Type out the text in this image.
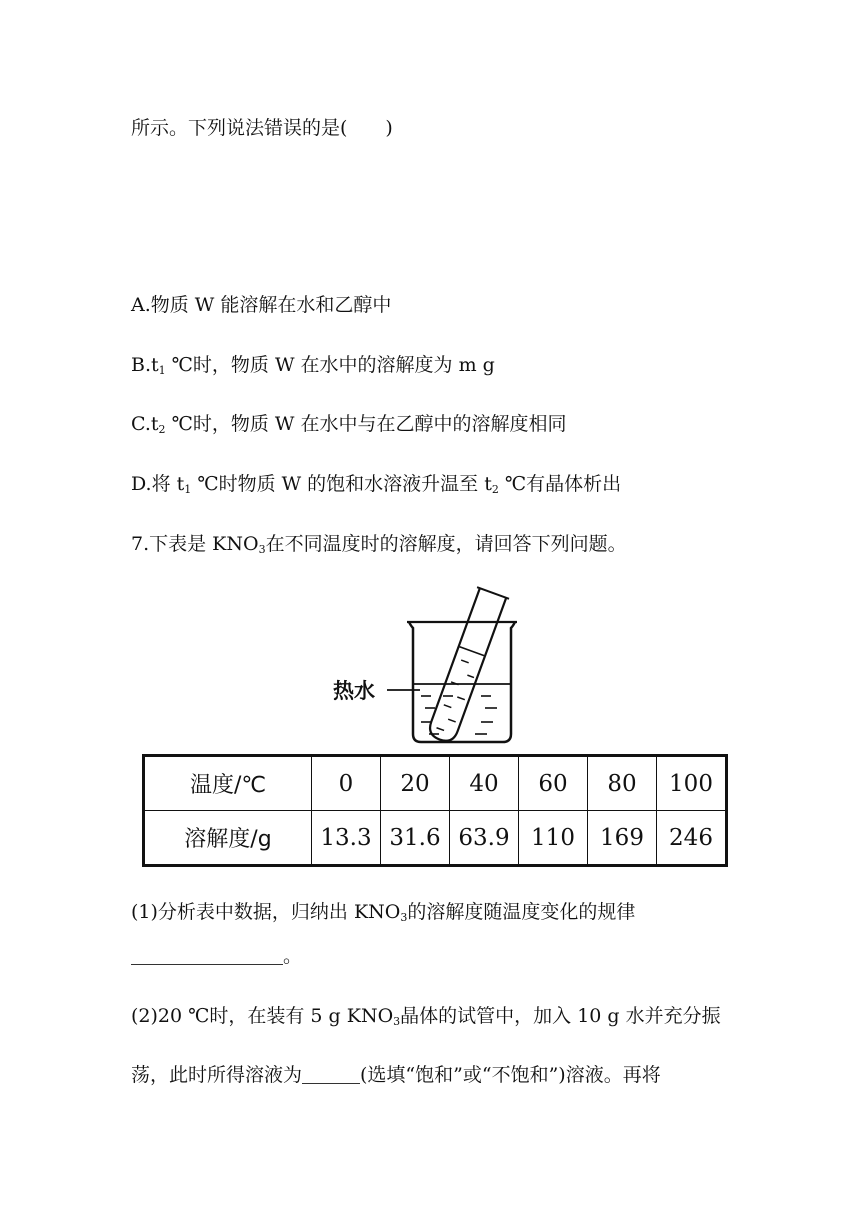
所示。下列说法错误的是(　　)
A.物质 W 能溶解在水和乙醇中
$B.t_1$ ℃时，物质 W 在水中的溶解度为 m g
$C.t_2$ ℃时，物质 W 在水中与在乙醇中的溶解度相同
D.将 $t_1$ ℃时物质 W 的饱和水溶液升温至 $t_2$ ℃有晶体析出
7.下表是 $KNO_3$在不同温度时的溶解度，请回答下列问题。
热水
温度/℃	0	20	40	60	80	100
溶解度/g	13.3	31.6	63.9	110	169	246
(1)分析表中数据，归纳出 $KNO_3$的溶解度随温度变化的规律
。
(2)20 ℃时，在装有 5 g $KNO_3$晶体的试管中，加入 10 g 水并充分振
荡，此时所得溶液为	(选填“饱和”或“不饱和”)溶液。再将
